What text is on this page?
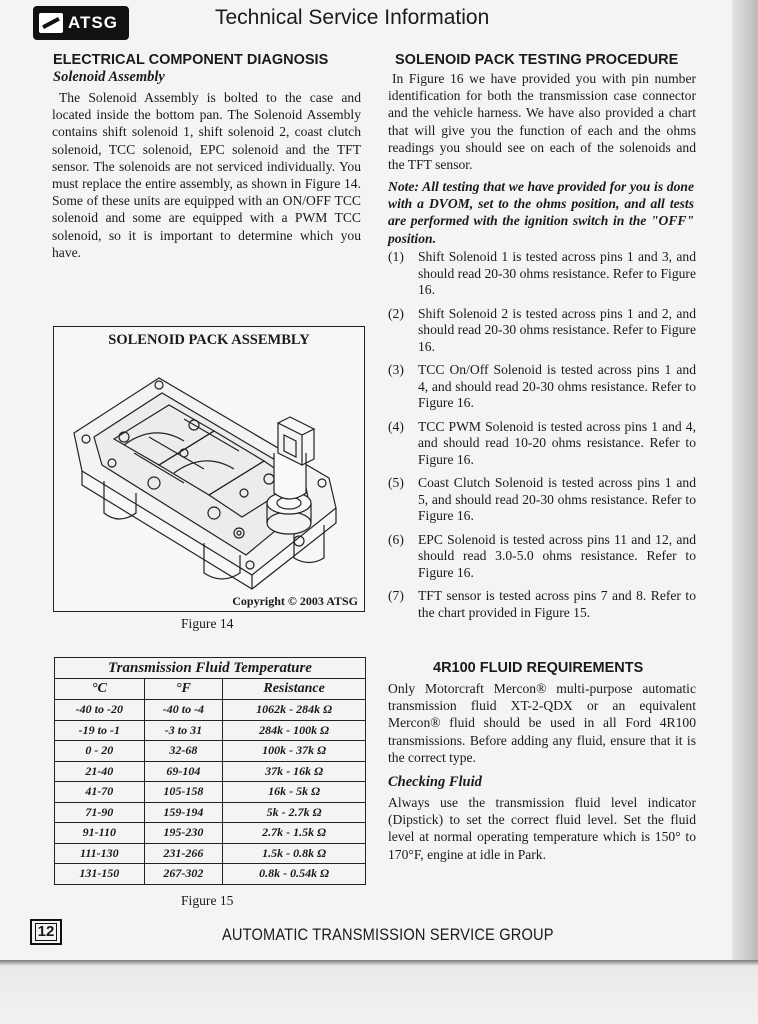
ATSG	Technical Service Information
ELECTRICAL COMPONENT DIAGNOSIS
Solenoid Assembly

The Solenoid Assembly is bolted to the case and located inside the bottom pan. The Solenoid Assembly contains shift solenoid 1, shift solenoid 2, coast clutch solenoid, TCC solenoid, EPC solenoid and the TFT sensor. The solenoids are not serviced individually. You must replace the entire assembly, as shown in Figure 14. Some of these units are equipped with an ON/OFF TCC solenoid and some are equipped with a PWM TCC solenoid, so it is important to determine which you have.

SOLENOID PACK ASSEMBLY
Copyright © 2003 ATSG
Figure 14
Transmission Fluid Temperature		
°C	°F	Resistance
-40 to -20	-40 to -4	1062k - 284k Ω
-19 to -1	-3 to 31	284k - 100k Ω
0 - 20	32-68	100k - 37k Ω
21-40	69-104	37k - 16k Ω
41-70	105-158	16k - 5k Ω
71-90	159-194	5k - 2.7k Ω
91-110	195-230	2.7k - 1.5k Ω
111-130	231-266	1.5k - 0.8k Ω
131-150	267-302	0.8k - 0.54k Ω
Figure 15
SOLENOID PACK TESTING PROCEDURE

In Figure 16 we have provided you with pin number identification for both the transmission case connector and the vehicle harness. We have also provided a chart that will give you the function of each and the ohms readings you should see on each of the solenoids and the TFT sensor.

Note: All testing that we have provided for you is done with a DVOM, set to the ohms position, and all tests are performed with the ignition switch in the "OFF" position.

(1)	Shift Solenoid 1 is tested across pins 1 and 3, and should read 20-30 ohms resistance. Refer to Figure 16.
(2)	Shift Solenoid 2 is tested across pins 1 and 2, and should read 20-30 ohms resistance. Refer to Figure 16.
(3)	TCC On/Off Solenoid is tested across pins 1 and 4, and should read 20-30 ohms resistance. Refer to Figure 16.
(4)	TCC PWM Solenoid is tested across pins 1 and 4, and should read 10-20 ohms resistance. Refer to Figure 16.
(5)	Coast Clutch Solenoid is tested across pins 1 and 5, and should read 20-30 ohms resistance. Refer to Figure 16.
(6)	EPC Solenoid is tested across pins 11 and 12, and should read 3.0-5.0 ohms resistance. Refer to Figure 16.
(7)	TFT sensor is tested across pins 7 and 8. Refer to the chart provided in Figure 15.
4R100 FLUID REQUIREMENTS

Only Motorcraft Mercon® multi-purpose automatic transmission fluid XT-2-QDX or an equivalent Mercon® fluid should be used in all Ford 4R100 transmissions. Before adding any fluid, ensure that it is the correct type.

Checking Fluid

Always use the transmission fluid level indicator (Dipstick) to set the correct fluid level. Set the fluid level at normal operating temperature which is 150° to 170°F, engine at idle in Park.

12	AUTOMATIC TRANSMISSION SERVICE GROUP
